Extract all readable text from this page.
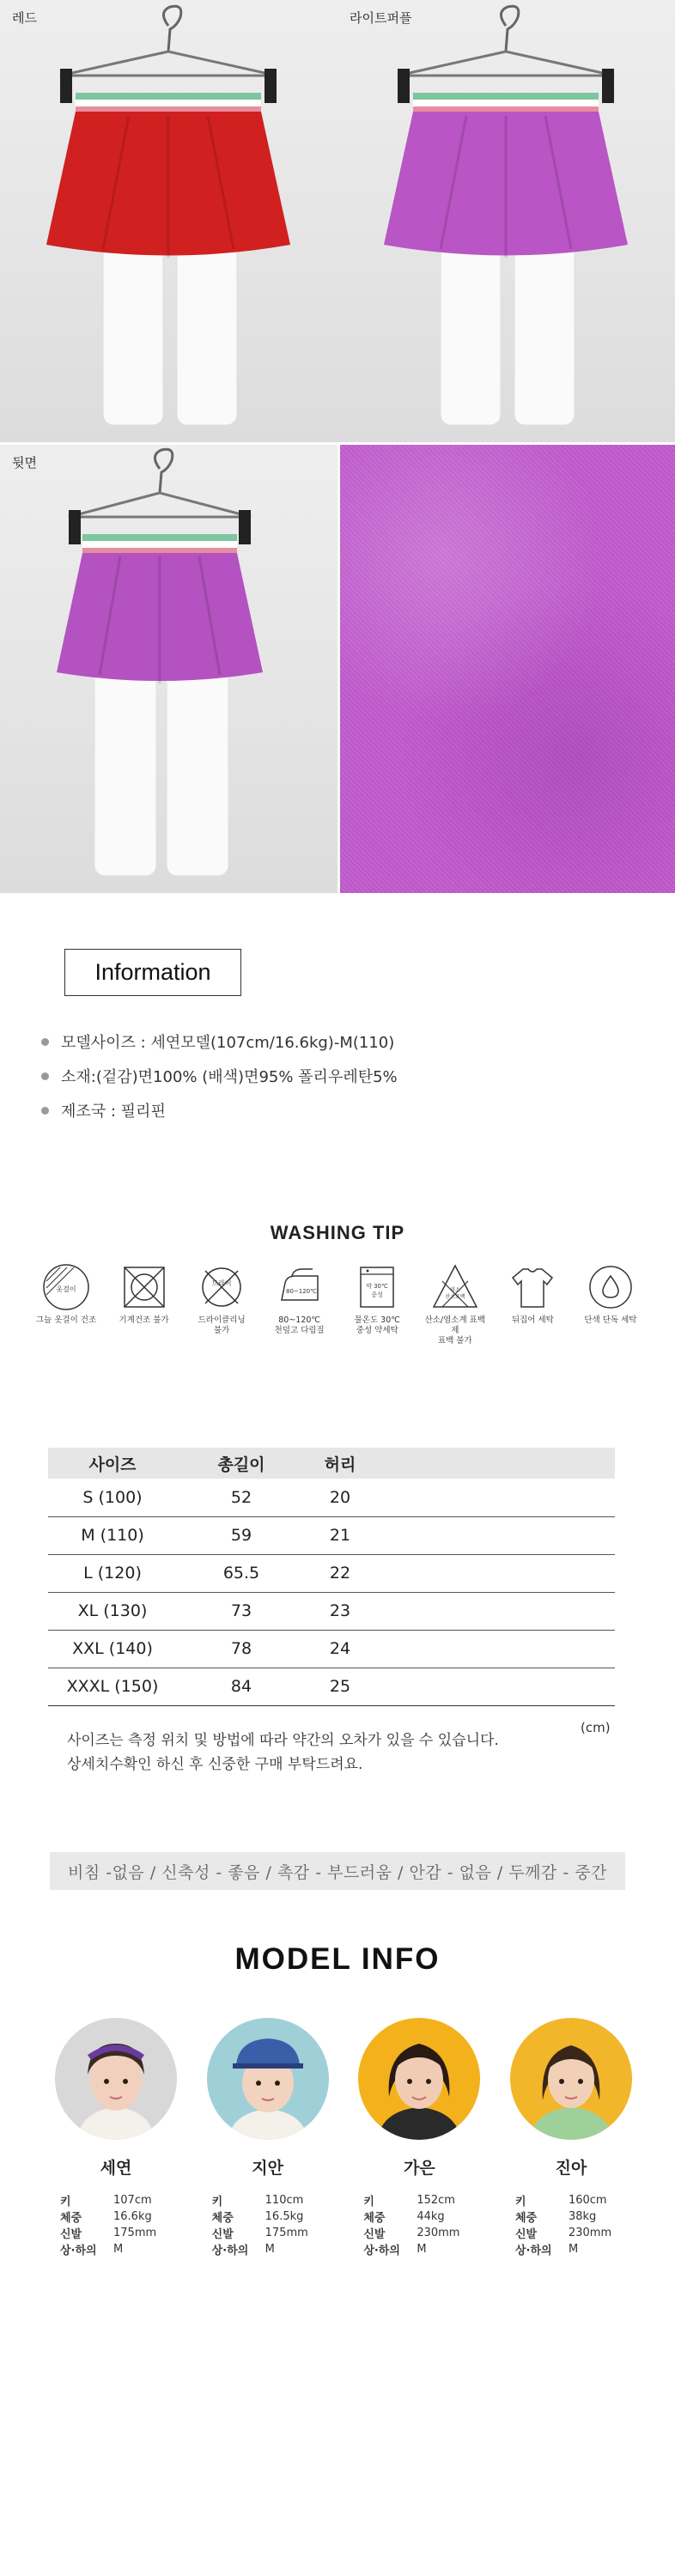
레드	라이트퍼플
뒷면
Information
모델사이즈 : 세연모델(107cm/16.6kg)-M(110)
소재:(겉감)면100% (배색)면95% 폴리우레탄5%
제조국 : 필리핀
WASHING TIP
옷걸이
그늘 옷걸이 건조	기계건조 불가
드라이
드라이클리닝
불가
80~120℃
80~120℃
천덮고 다림질
약 30℃
중성
물온도 30℃
중성 약세탁
염소
산소표백
산소/염소계 표백제
표백 불가
뒤집어 세탁	단색 단독 세탁
사이즈	총길이	허리	
S (100)	52	20	
M (110)	59	21	
L (120)	65.5	22	
XL (130)	73	23	
XXL (140)	78	24	
XXXL (150)	84	25	
(cm)
사이즈는 측정 위치 및 방법에 따라 약간의 오차가 있을 수 있습니다.
상세치수확인 하신 후 신중한 구매 부탁드려요.
비침 -없음 / 신축성 - 좋음 / 촉감 - 부드러움 / 안감 - 없음 / 두께감 - 중간
MODEL INFO
세연
키	107cm
체중	16.6kg
신발	175mm
상·하의	M
지안
키	110cm
체중	16.5kg
신발	175mm
상·하의	M
가은
키	152cm
체중	44kg
신발	230mm
상·하의	M
진아
키	160cm
체중	38kg
신발	230mm
상·하의	M
